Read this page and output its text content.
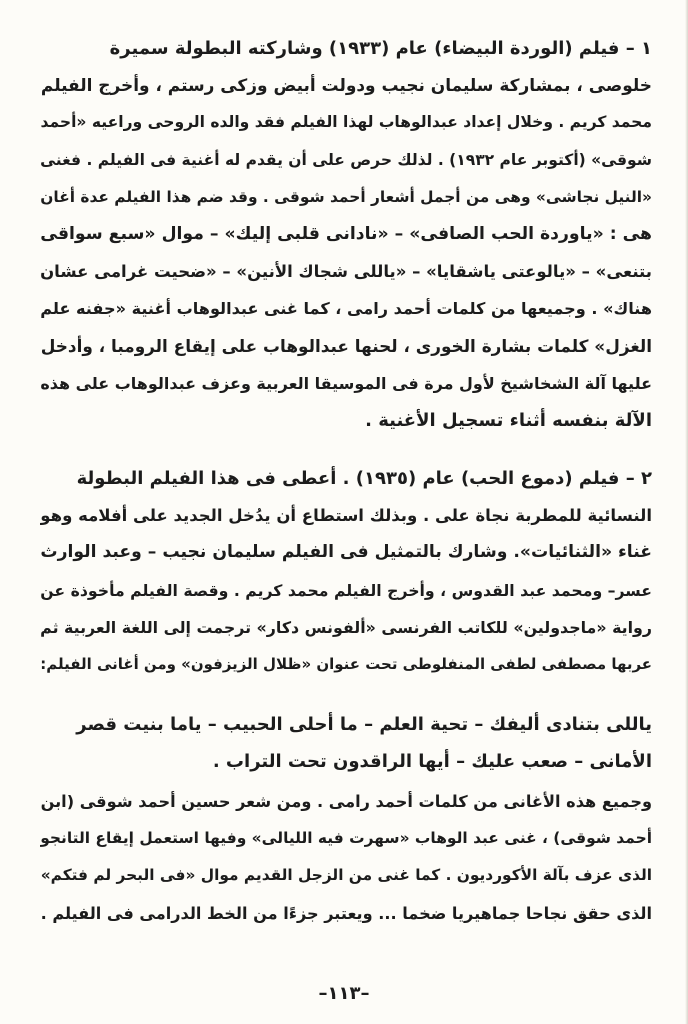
١ – فيلم (الوردة البيضاء) عام (١٩٣٣) وشاركته البطولة سميرة
خلوصى ، بمشاركة سليمان نجيب ودولت أبيض وزكى رستم ، وأخرج الفيلم
محمد كريم . وخلال إعداد عبدالوهاب لهذا الفيلم فقد والده الروحى وراعيه «أحمد
شوقى» (أكتوبر عام ١٩٣٢) . لذلك حرص على أن يقدم له أغنية فى الفيلم . فغنى
«النيل نجاشى» وهى من أجمل أشعار أحمد شوقى . وقد ضم هذا الفيلم عدة أغان
هى : «ياوردة الحب الصافى» – «نادانى قلبى إليك» – موال «سبع سواقى
بتنعى» – «يالوعتى ياشقايا» – «ياللى شجاك الأنين» – «ضحيت غرامى عشان
هناك» . وجميعها من كلمات أحمد رامى ، كما غنى عبدالوهاب أغنية «جفنه علم
الغزل» كلمات بشارة الخورى ، لحنها عبدالوهاب على إيقاع الرومبا ، وأدخل
عليها آلة الشخاشيخ لأول مرة فى الموسيقا العربية وعزف عبدالوهاب على هذه
الآلة بنفسه أثناء تسجيل الأغنية .
٢ – فيلم (دموع الحب) عام (١٩٣٥) . أعطى فى هذا الفيلم البطولة
النسائية للمطربة نجاة على . وبذلك استطاع أن يدُخل الجديد على أفلامه وهو
غناء «الثنائيات». وشارك بالتمثيل فى الفيلم سليمان نجيب – وعبد الوارث
عسر– ومحمد عبد القدوس ، وأخرج الفيلم محمد كريم . وقصة الفيلم مأخوذة عن
رواية «ماجدولين» للكاتب الفرنسى «ألفونس دكار» ترجمت إلى اللغة العربية ثم
عربها مصطفى لطفى المنفلوطى تحت عنوان «ظلال الزيزفون» ومن أغانى الفيلم:
ياللى بتنادى أليفك – تحية العلم – ما أحلى الحبيب – ياما بنيت قصر
الأمانى – صعب عليك – أيها الراقدون تحت التراب .
وجميع هذه الأغانى من كلمات أحمد رامى . ومن شعر حسين أحمد شوقى (ابن
أحمد شوقى) ، غنى عبد الوهاب «سهرت فيه الليالى» وفيها استعمل إيقاع التانجو
الذى عزف بآلة الأكورديون . كما غنى من الزجل القديم موال «فى البحر لم فتكم»
الذى حقق نجاحا جماهيريا ضخما ... ويعتبر جزءًا من الخط الدرامى فى الفيلم .
–١١٣–
